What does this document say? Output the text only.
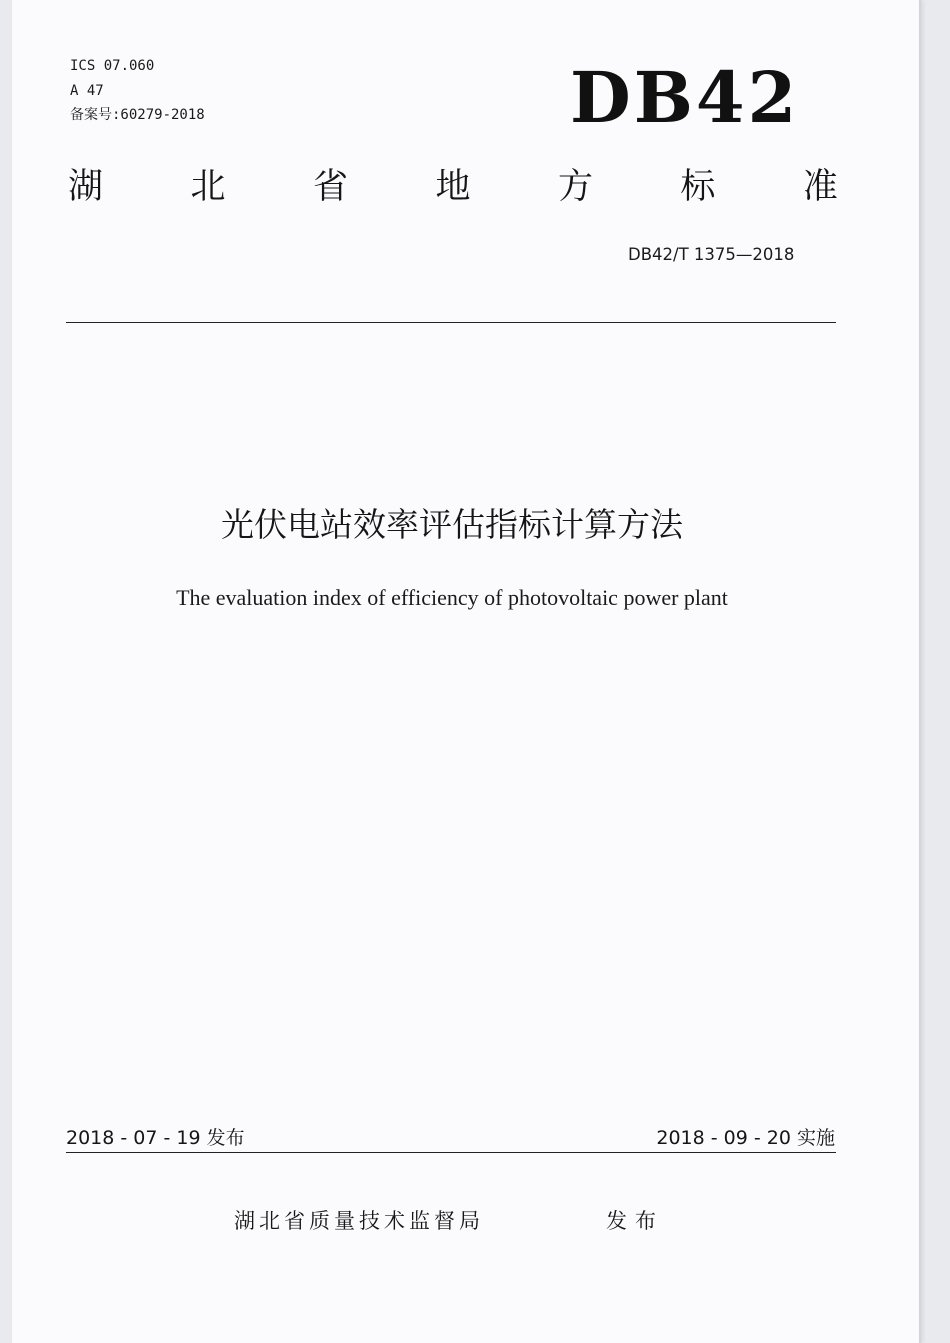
ICS 07.060
A 47
备案号:60279-2018	DB42
湖 北 省 地 方 标 准
DB42/T 1375—2018
光伏电站效率评估指标计算方法
The evaluation index of efficiency of photovoltaic power plant
2018 - 07 - 19 发布	2018 - 09 - 20 实施
湖北省质量技术监督局	发布
